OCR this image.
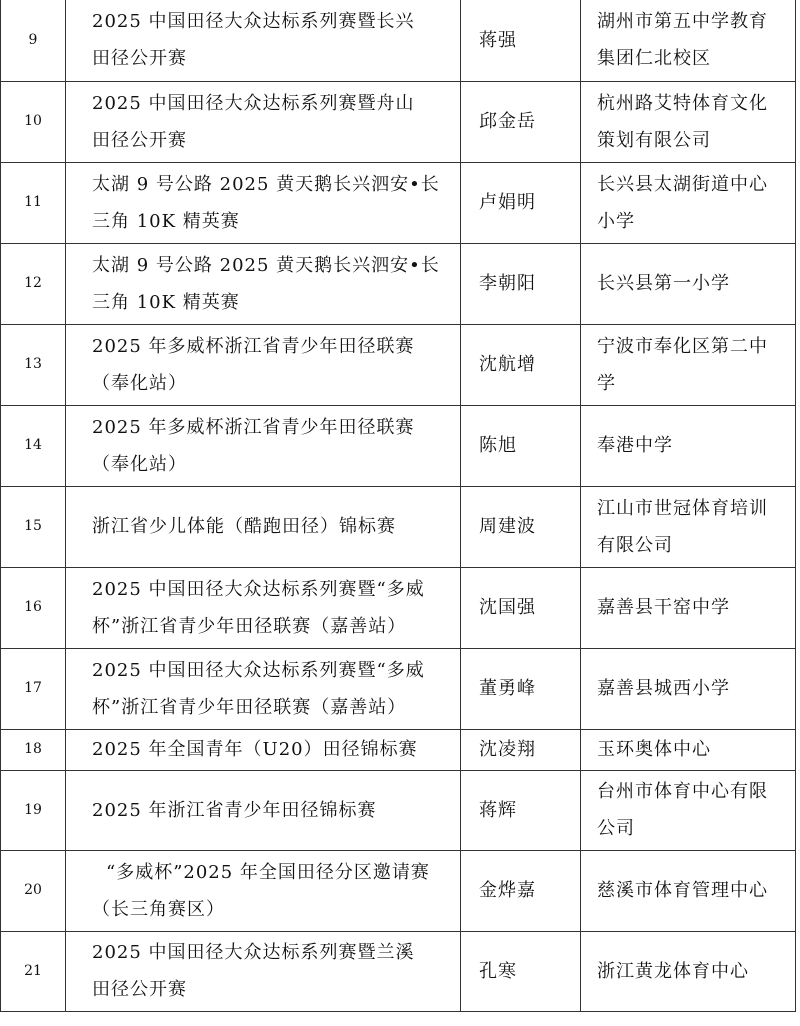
9	2025 中国田径大众达标系列赛暨长兴
田径公开赛	蒋强	湖州市第五中学教育
集团仁北校区

10	2025 中国田径大众达标系列赛暨舟山
田径公开赛	邱金岳	杭州路艾特体育文化
策划有限公司

11	太湖 9 号公路 2025 黄天鹅长兴泗安•长
三角 10K 精英赛	卢娟明	长兴县太湖街道中心
小学

12	太湖 9 号公路 2025 黄天鹅长兴泗安•长
三角 10K 精英赛	李朝阳	长兴县第一小学

13	2025 年多威杯浙江省青少年田径联赛
（奉化站）	沈航增	宁波市奉化区第二中
学

14	2025 年多威杯浙江省青少年田径联赛
（奉化站）	陈旭	奉港中学

15	浙江省少儿体能（酷跑田径）锦标赛	周建波	江山市世冠体育培训
有限公司

16	2025 中国田径大众达标系列赛暨“多威
杯”浙江省青少年田径联赛（嘉善站）	沈国强	嘉善县干窑中学

17	2025 中国田径大众达标系列赛暨“多威
杯”浙江省青少年田径联赛（嘉善站）	董勇峰	嘉善县城西小学

18	2025 年全国青年（U20）田径锦标赛	沈凌翔	玉环奥体中心

19	2025 年浙江省青少年田径锦标赛	蒋辉	台州市体育中心有限
公司

20	“多威杯”2025 年全国田径分区邀请赛
（长三角赛区）	金烨嘉	慈溪市体育管理中心

21	2025 中国田径大众达标系列赛暨兰溪
田径公开赛	孔寒	浙江黄龙体育中心
